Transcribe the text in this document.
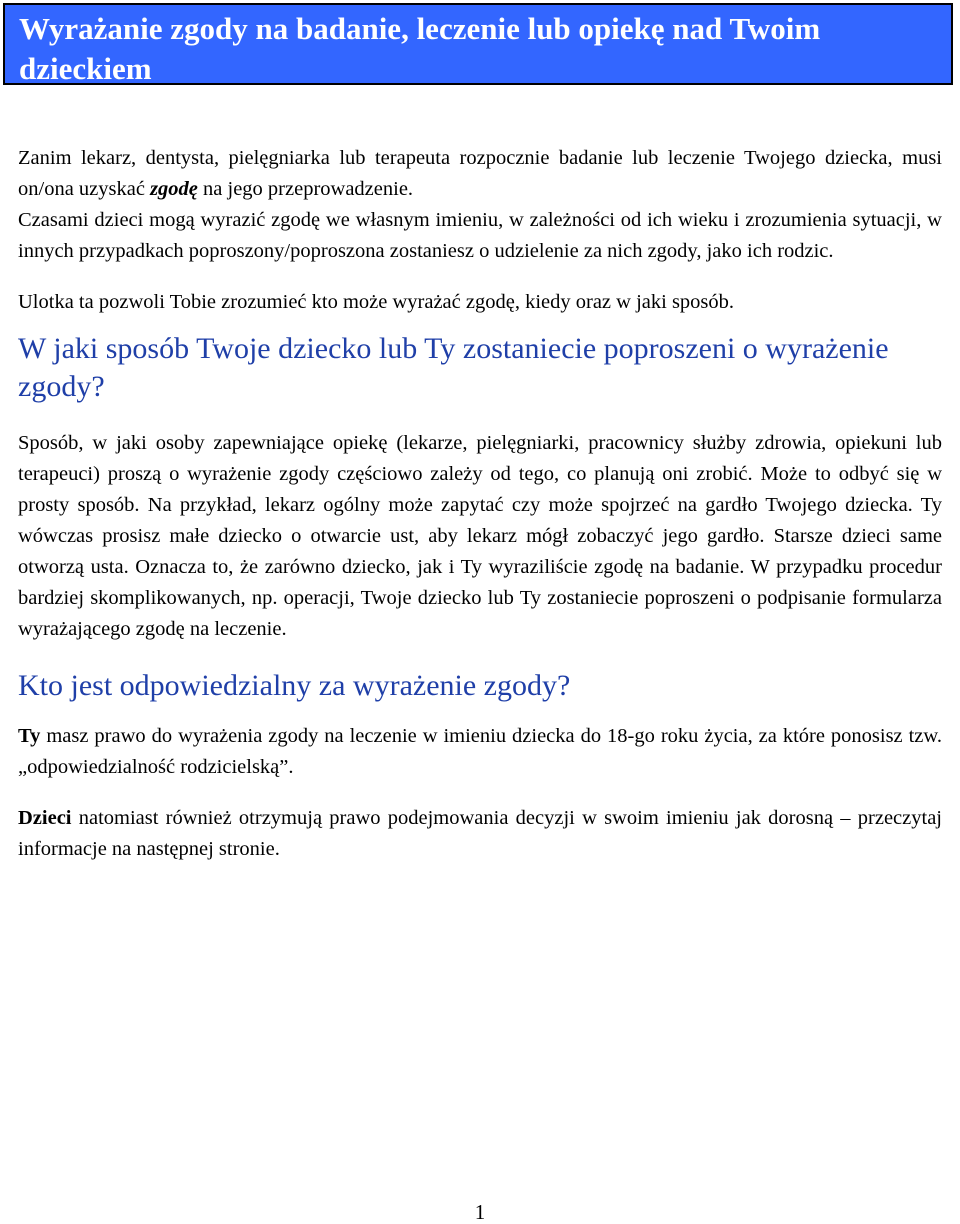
Wyrażanie zgody na badanie, leczenie lub opiekę nad Twoim dzieckiem

Zanim lekarz, dentysta, pielęgniarka lub terapeuta rozpocznie badanie lub leczenie Twojego dziecka, musi on/ona uzyskać zgodę na jego przeprowadzenie.

Czasami dzieci mogą wyrazić zgodę we własnym imieniu, w zależności od ich wieku i zrozumienia sytuacji, w innych przypadkach poproszony/poproszona zostaniesz o udzielenie za nich zgody, jako ich rodzic.

Ulotka ta pozwoli Tobie zrozumieć kto może wyrażać zgodę, kiedy oraz w jaki sposób.

W jaki sposób Twoje dziecko lub Ty zostaniecie poproszeni o wyrażenie zgody?

Sposób, w jaki osoby zapewniające opiekę (lekarze, pielęgniarki, pracownicy służby zdrowia, opiekuni lub terapeuci) proszą o wyrażenie zgody częściowo zależy od tego, co planują oni zrobić. Może to odbyć się w prosty sposób. Na przykład, lekarz ogólny może zapytać czy może spojrzeć na gardło Twojego dziecka. Ty wówczas prosisz małe dziecko o otwarcie ust, aby lekarz mógł zobaczyć jego gardło. Starsze dzieci same otworzą usta. Oznacza to, że zarówno dziecko, jak i Ty wyraziliście zgodę na badanie. W przypadku procedur bardziej skomplikowanych, np. operacji, Twoje dziecko lub Ty zostaniecie poproszeni o podpisanie formularza wyrażającego zgodę na leczenie.

Kto jest odpowiedzialny za wyrażenie zgody?

Ty masz prawo do wyrażenia zgody na leczenie w imieniu dziecka do 18-go roku życia, za które ponosisz tzw. „odpowiedzialność rodzicielską”.

Dzieci natomiast również otrzymują prawo podejmowania decyzji w swoim imieniu jak dorosną – przeczytaj informacje na następnej stronie.

1
